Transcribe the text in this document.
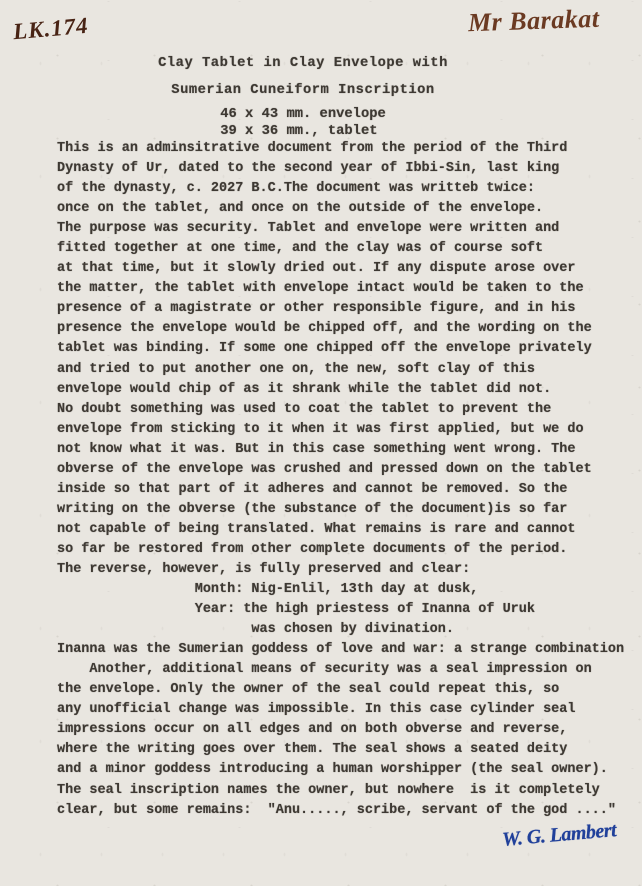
LK.174	Mr Barakat
Clay Tablet in Clay Envelope with
Sumerian Cuneiform Inscription
46 x 43 mm. envelope
39 x 36 mm., tablet
This is an adminsitrative document from the period of the Third
Dynasty of Ur, dated to the second year of Ibbi-Sin, last king
of the dynasty, c. 2027 B.C.The document was writteb twice:
once on the tablet, and once on the outside of the envelope.
The purpose was security. Tablet and envelope were written and
fitted together at one time, and the clay was of course soft
at that time, but it slowly dried out. If any dispute arose over
the matter, the tablet with envelope intact would be taken to the
presence of a magistrate or other responsible figure, and in his
presence the envelope would be chipped off, and the wording on the
tablet was binding. If some one chipped off the envelope privately
and tried to put another one on, the new, soft clay of this
envelope would chip of as it shrank while the tablet did not.
No doubt something was used to coat the tablet to prevent the
envelope from sticking to it when it was first applied, but we do
not know what it was. But in this case something went wrong. The
obverse of the envelope was crushed and pressed down on the tablet
inside so that part of it adheres and cannot be removed. So the
writing on the obverse (the substance of the document)is so far
not capable of being translated. What remains is rare and cannot
so far be restored from other complete documents of the period.
The reverse, however, is fully preserved and clear:
Month: Nig-Enlil, 13th day at dusk,
Year: the high priestess of Inanna of Uruk
was chosen by divination.
Inanna was the Sumerian goddess of love and war: a strange combination
Another, additional means of security was a seal impression on
the envelope. Only the owner of the seal could repeat this, so
any unofficial change was impossible. In this case cylinder seal
impressions occur on all edges and on both obverse and reverse,
where the writing goes over them. The seal shows a seated deity
and a minor goddess introducing a human worshipper (the seal owner).
The seal inscription names the owner, but nowhere  is it completely
clear, but some remains:  "Anu....., scribe, servant of the god ...."
W. G. Lambert
